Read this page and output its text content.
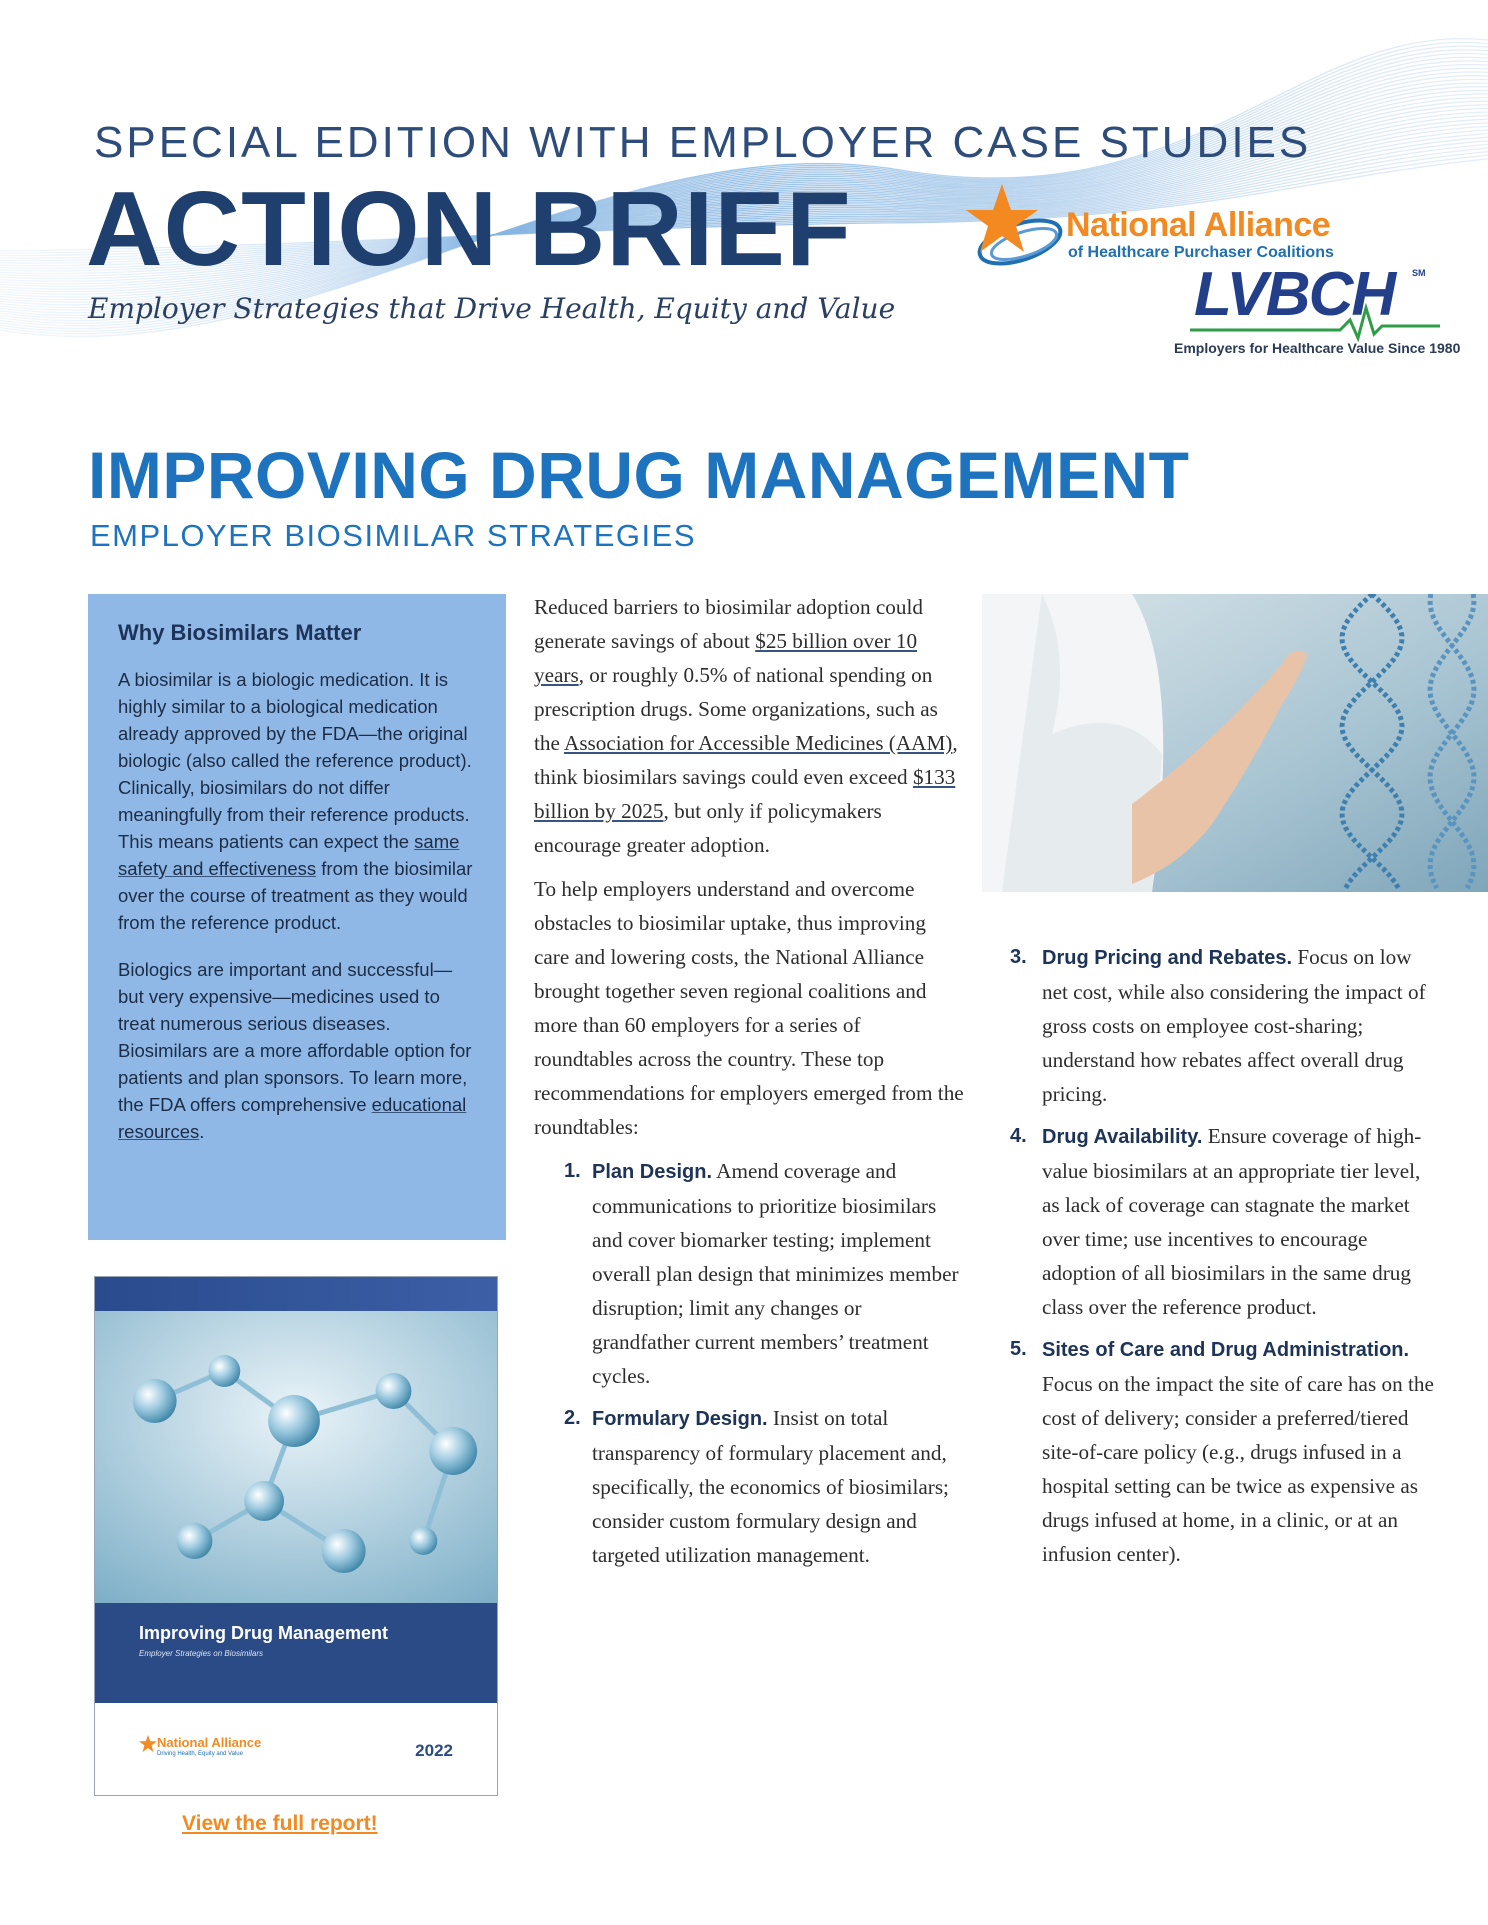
SPECIAL EDITION WITH EMPLOYER CASE STUDIES
ACTION BRIEF
Employer Strategies that Drive Health, Equity and Value
National Alliance
of Healthcare Purchaser Coalitions
LVBCH SM
Employers for Healthcare Value Since 1980
IMPROVING DRUG MANAGEMENT
EMPLOYER BIOSIMILAR STRATEGIES
Why Biosimilars Matter

A biosimilar is a biologic medication. It is highly similar to a biological medication already approved by the FDA—the original biologic (also called the reference product). Clinically, biosimilars do not differ meaningfully from their reference products. This means patients can expect the same safety and effectiveness from the biosimilar over the course of treatment as they would from the reference product.

Biologics are important and successful—but very expensive—medicines used to treat numerous serious diseases. Biosimilars are a more affordable option for patients and plan sponsors. To learn more, the FDA offers comprehensive educational resources.

Improving Drug Management
Employer Strategies on Biosimilars
National Alliance
Driving Health, Equity and Value	2022
View the full report!

Reduced barriers to biosimilar adoption could generate savings of about $25 billion over 10 years, or roughly 0.5% of national spending on prescription drugs. Some organizations, such as the Association for Accessible Medicines (AAM), think biosimilars savings could even exceed $133 billion by 2025, but only if policymakers encourage greater adoption.

To help employers understand and overcome obstacles to biosimilar uptake, thus improving care and lowering costs, the National Alliance brought together seven regional coalitions and more than 60 employers for a series of roundtables across the country. These top recommendations for employers emerged from the roundtables:

1. Plan Design. Amend coverage and communications to prioritize biosimilars and cover biomarker testing; implement overall plan design that minimizes member disruption; limit any changes or grandfather current members’ treatment cycles.
2. Formulary Design. Insist on total transparency of formulary placement and, specifically, the economics of biosimilars; consider custom formulary design and targeted utilization management.
3. Drug Pricing and Rebates. Focus on low net cost, while also considering the impact of gross costs on employee cost-sharing; understand how rebates affect overall drug pricing.
4. Drug Availability. Ensure coverage of high-value biosimilars at an appropriate tier level, as lack of coverage can stagnate the market over time; use incentives to encourage adoption of all biosimilars in the same drug class over the reference product.
5. Sites of Care and Drug Administration. Focus on the impact the site of care has on the cost of delivery; consider a preferred/tiered site-of-care policy (e.g., drugs infused in a hospital setting can be twice as expensive as drugs infused at home, in a clinic, or at an infusion center).
